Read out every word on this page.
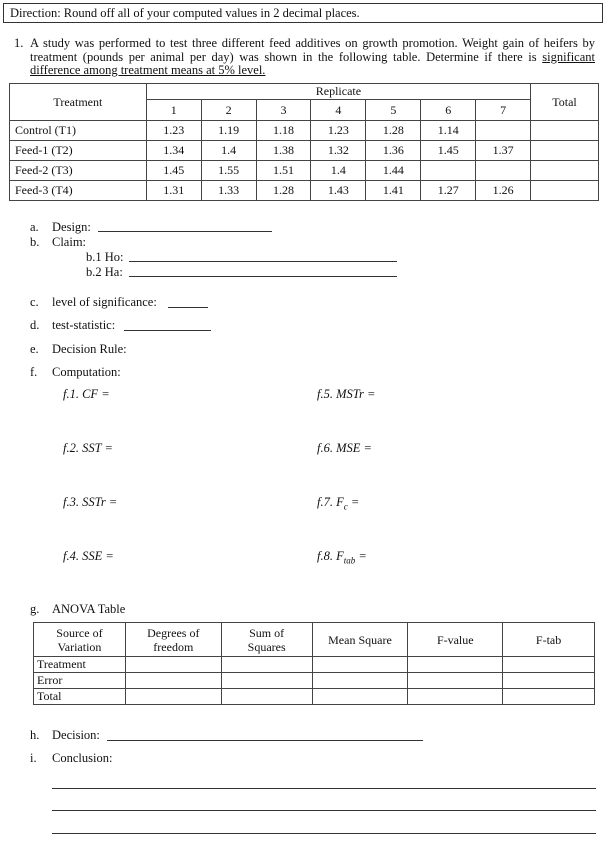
Direction: Round off all of your computed values in 2 decimal places.
1. A study was performed to test three different feed additives on growth promotion. Weight gain of heifers by treatment (pounds per animal per day) was shown in the following table. Determine if there is significant difference among treatment means at 5% level.
Treatment	Replicate							Total
	1	2	3	4	5	6	7	
Control (T1)	1.23	1.19	1.18	1.23	1.28	1.14		
Feed-1 (T2)	1.34	1.4	1.38	1.32	1.36	1.45	1.37	
Feed-2 (T3)	1.45	1.55	1.51	1.4	1.44			
Feed-3 (T4)	1.31	1.33	1.28	1.43	1.41	1.27	1.26	
a. Design:
b. Claim:
b.1 Ho:
b.2 Ha:
c. level of significance:
d. test-statistic:
e. Decision Rule:
f. Computation:
f.1. CF =
f.2. SST =
f.3. SSTr =
f.4. SSE =
f.5. MSTr =
f.6. MSE =
f.7. $F_c$ =
f.8. $F_{tab}$ =
g. ANOVA Table
Source of
Variation	Degrees of
freedom	Sum of
Squares	Mean Square	F-value	F-tab
Treatment					
Error					
Total					
h. Decision:
i. Conclusion:
